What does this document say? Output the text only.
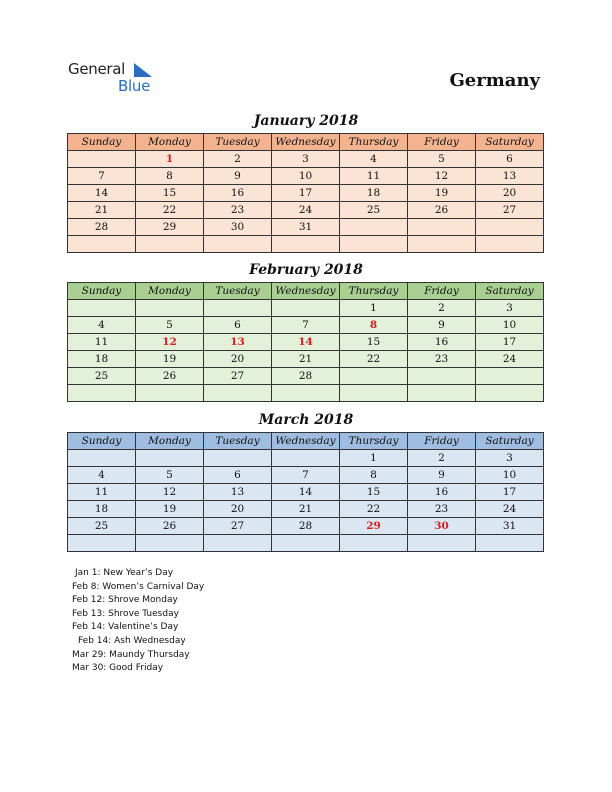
General
Blue	Germany
January 2018
Sunday	Monday	Tuesday	Wednesday	Thursday	Friday	Saturday
	1	2	3	4	5	6
7	8	9	10	11	12	13
14	15	16	17	18	19	20
21	22	23	24	25	26	27
28	29	30	31			

February 2018
Sunday	Monday	Tuesday	Wednesday	Thursday	Friday	Saturday
				1	2	3
4	5	6	7	8	9	10
11	12	13	14	15	16	17
18	19	20	21	22	23	24
25	26	27	28			

March 2018
Sunday	Monday	Tuesday	Wednesday	Thursday	Friday	Saturday
				1	2	3
4	5	6	7	8	9	10
11	12	13	14	15	16	17
18	19	20	21	22	23	24
25	26	27	28	29	30	31

Jan 1: New Year’s Day
Feb 8: Women’s Carnival Day
Feb 12: Shrove Monday
Feb 13: Shrove Tuesday
Feb 14: Valentine’s Day
Feb 14: Ash Wednesday
Mar 29: Maundy Thursday
Mar 30: Good Friday
